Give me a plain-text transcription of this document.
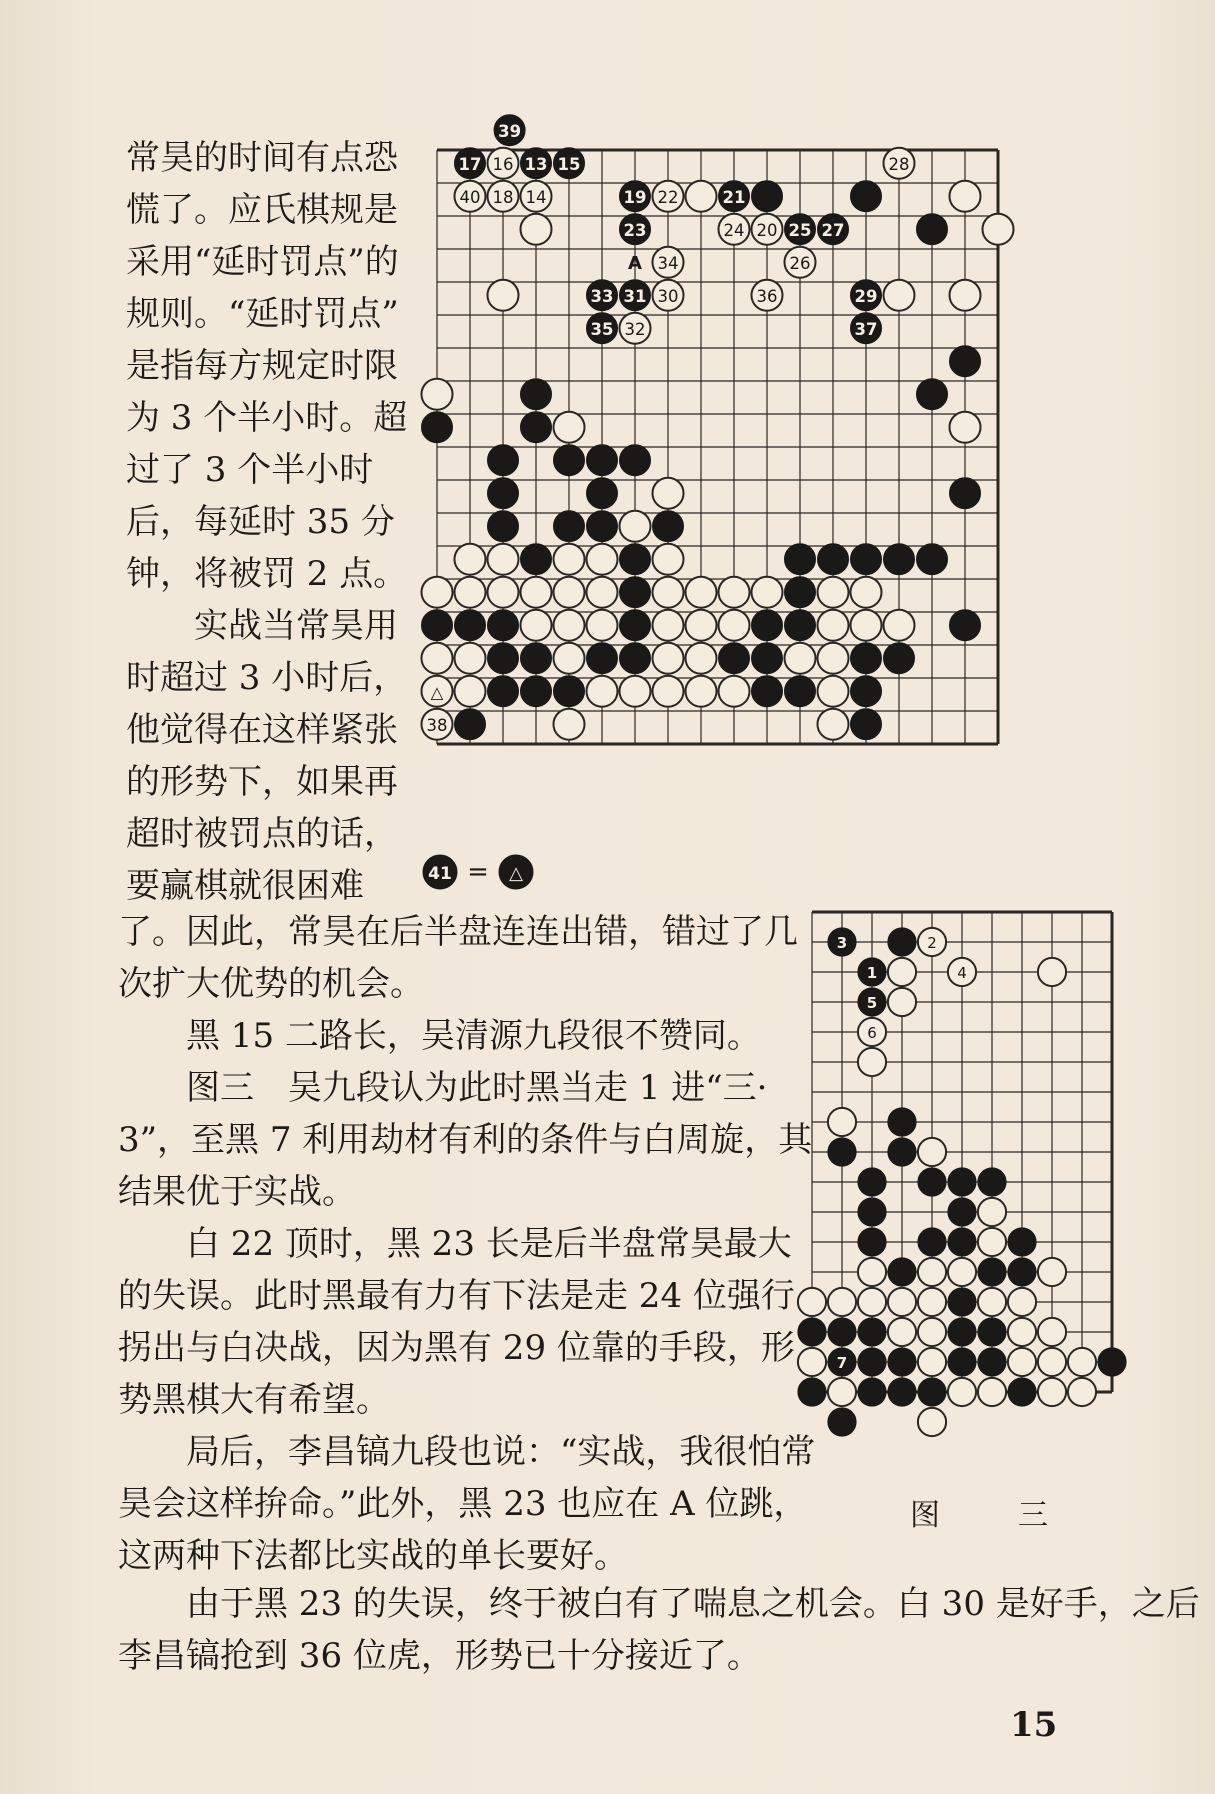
常昊的时间有点恐
慌了。应氏棋规是
采用“延时罚点”的
规则。“延时罚点”
是指每方规定时限
为 3 个半小时。超
过了 3 个半小时
后，每延时 35 分
钟，将被罚 2 点。
　　实战当常昊用
时超过 3 小时后，
他觉得在这样紧张
的形势下，如果再
超时被罚点的话，
要赢棋就很困难
了。因此，常昊在后半盘连连出错，错过了几
次扩大优势的机会。
　　黑 15 二路长，吴清源九段很不赞同。
　　图三　吴九段认为此时黑当走 1 进“三·
3”，至黑 7 利用劫材有利的条件与白周旋，其
结果优于实战。
　　白 22 顶时，黑 23 长是后半盘常昊最大
的失误。此时黑最有力有下法是走 24 位强行
拐出与白决战，因为黑有 29 位靠的手段，形
势黑棋大有希望。
　　局后，李昌镐九段也说：“实战，我很怕常
昊会这样拚命。”此外，黑 23 也应在 A 位跳，
这两种下法都比实战的单长要好。
　　由于黑 23 的失误，终于被白有了喘息之机会。白 30 是好手，之后
李昌镐抢到 36 位虎，形势已十分接近了。
39
17 16 13 15
40 18 14	19 22	21
28
23	24 20 25 27
34	26
33 31 30	36	29
35 32	37
△
38
A
41 = △
3	2
1	4
5
6
7
图　三
15
